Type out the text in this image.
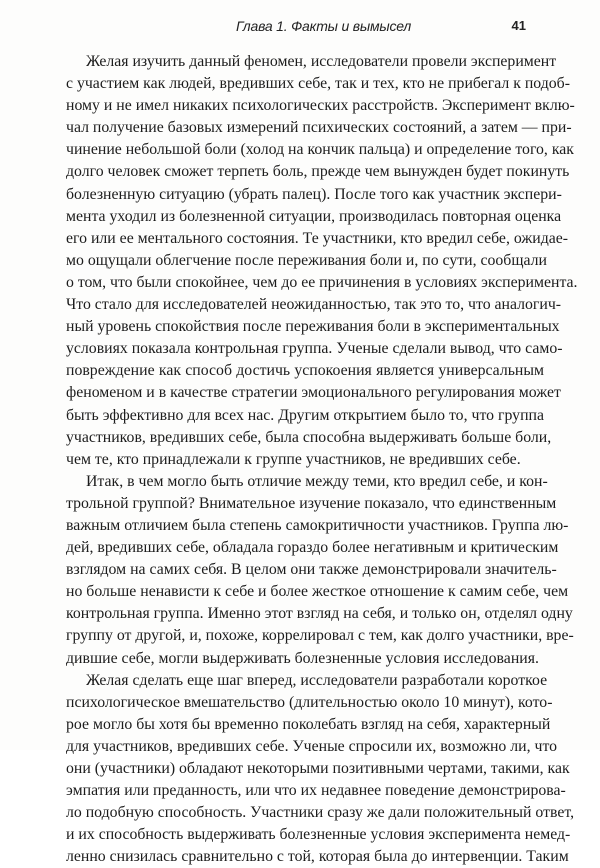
Глава 1. Факты и вымысел	41
Желая изучить данный феномен, исследователи провели эксперимент
с участием как людей, вредивших себе, так и тех, кто не прибегал к подоб-
ному и не имел никаких психологических расстройств. Эксперимент вклю-
чал получение базовых измерений психических состояний, а затем — при-
чинение небольшой боли (холод на кончик пальца) и определение того, как
долго человек сможет терпеть боль, прежде чем вынужден будет покинуть
болезненную ситуацию (убрать палец). После того как участник экспери-
мента уходил из болезненной ситуации, производилась повторная оценка
его или ее ментального состояния. Те участники, кто вредил себе, ожидае-
мо ощущали облегчение после переживания боли и, по сути, сообщали
о том, что были спокойнее, чем до ее причинения в условиях эксперимента.
Что стало для исследователей неожиданностью, так это то, что аналогич-
ный уровень спокойствия после переживания боли в экспериментальных
условиях показала контрольная группа. Ученые сделали вывод, что само-
повреждение как способ достичь успокоения является универсальным
феноменом и в качестве стратегии эмоционального регулирования может
быть эффективно для всех нас. Другим открытием было то, что группа
участников, вредивших себе, была способна выдерживать больше боли,
чем те, кто принадлежали к группе участников, не вредивших себе.
Итак, в чем могло быть отличие между теми, кто вредил себе, и кон-
трольной группой? Внимательное изучение показало, что единственным
важным отличием была степень самокритичности участников. Группа лю-
дей, вредивших себе, обладала гораздо более негативным и критическим
взглядом на самих себя. В целом они также демонстрировали значитель-
но больше ненависти к себе и более жесткое отношение к самим себе, чем
контрольная группа. Именно этот взгляд на себя, и только он, отделял одну
группу от другой, и, похоже, коррелировал с тем, как долго участники, вре-
дившие себе, могли выдерживать болезненные условия исследования.
Желая сделать еще шаг вперед, исследователи разработали короткое
психологическое вмешательство (длительностью около 10 минут), кото-
рое могло бы хотя бы временно поколебать взгляд на себя, характерный
для участников, вредивших себе. Ученые спросили их, возможно ли, что
они (участники) обладают некоторыми позитивными чертами, такими, как
эмпатия или преданность, или что их недавнее поведение демонстрирова-
ло подобную способность. Участники сразу же дали положительный ответ,
и их способность выдерживать болезненные условия эксперимента немед-
ленно снизилась сравнительно с той, которая была до интервенции. Таким
